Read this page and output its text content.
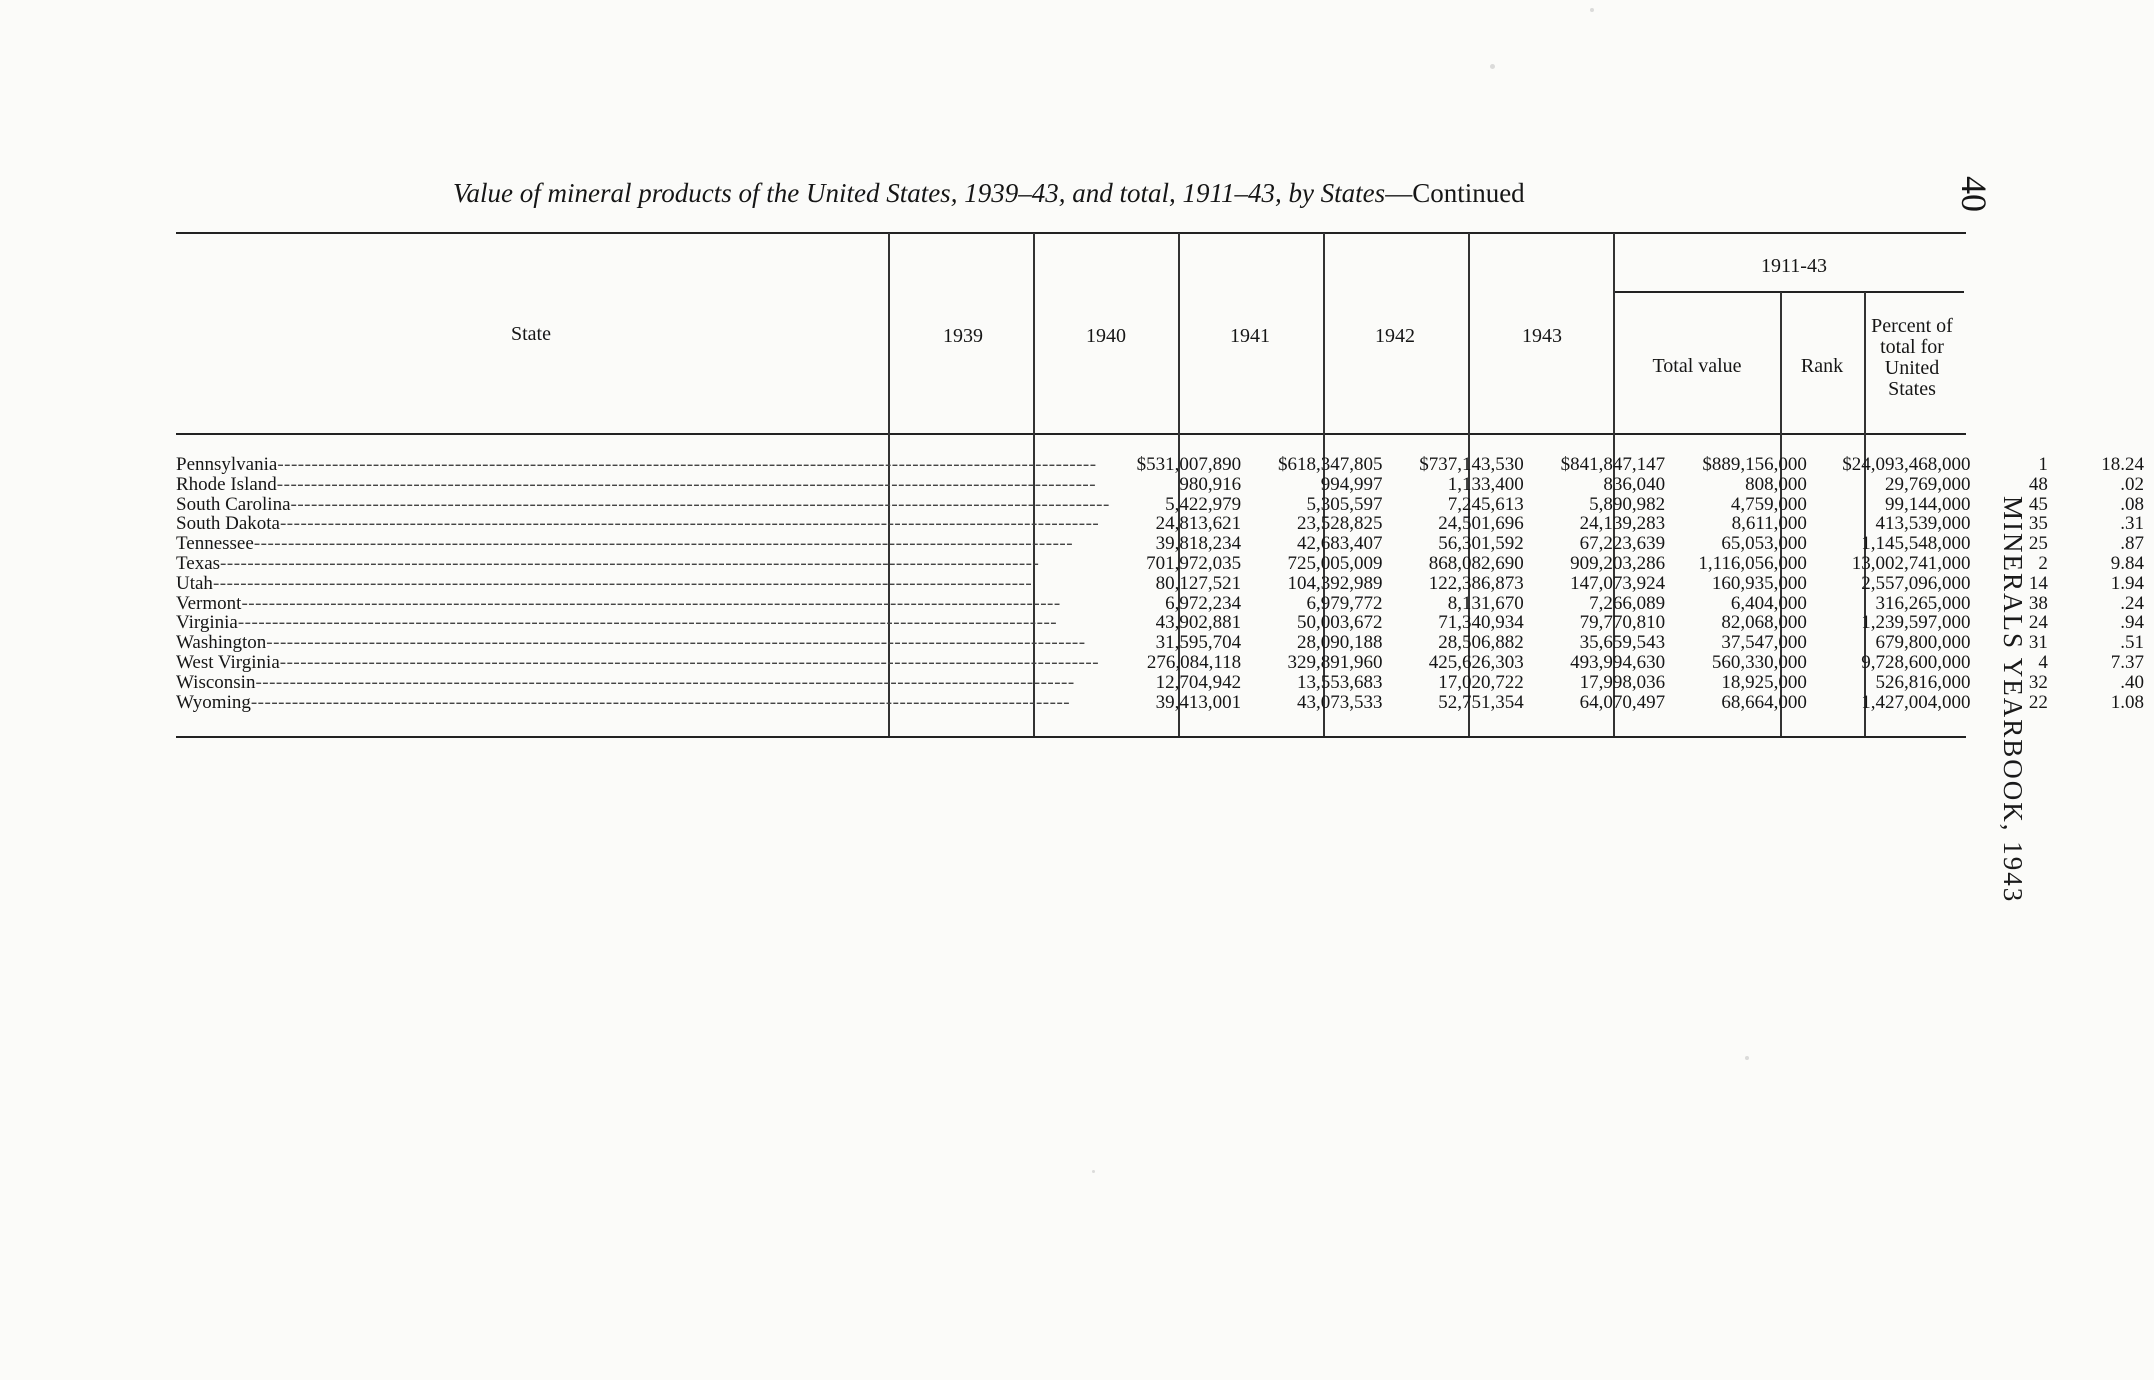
Value of mineral products of the United States, 1939–43, and total, 1911–43, by States—Continued	40
MINERALS YEARBOOK, 1943
State	1939	1940	1941	1942	1943
1911-43
Total value	Rank
Percent of total for United States
Pennsylvania------------------------------------------------------------------------------------------------------------------------	$531,007,890	$618,347,805	$737,143,530	$841,847,147	$889,156,000	$24,093,468,000	1	18.24
Rhode Island------------------------------------------------------------------------------------------------------------------------	980,916	994,997	1,133,400	836,040	808,000	29,769,000	48	.02
South Carolina------------------------------------------------------------------------------------------------------------------------	5,422,979	5,305,597	7,245,613	5,890,982	4,759,000	99,144,000	45	.08
South Dakota------------------------------------------------------------------------------------------------------------------------	24,813,621	23,528,825	24,501,696	24,139,283	8,611,000	413,539,000	35	.31
Tennessee------------------------------------------------------------------------------------------------------------------------	39,818,234	42,683,407	56,301,592	67,223,639	65,053,000	1,145,548,000	25	.87
Texas------------------------------------------------------------------------------------------------------------------------	701,972,035	725,005,009	868,082,690	909,203,286	1,116,056,000	13,002,741,000	2	9.84
Utah------------------------------------------------------------------------------------------------------------------------	80,127,521	104,392,989	122,386,873	147,073,924	160,935,000	2,557,096,000	14	1.94
Vermont------------------------------------------------------------------------------------------------------------------------	6,972,234	6,979,772	8,131,670	7,266,089	6,404,000	316,265,000	38	.24
Virginia------------------------------------------------------------------------------------------------------------------------	43,902,881	50,003,672	71,340,934	79,770,810	82,068,000	1,239,597,000	24	.94
Washington------------------------------------------------------------------------------------------------------------------------	31,595,704	28,090,188	28,506,882	35,659,543	37,547,000	679,800,000	31	.51
West Virginia------------------------------------------------------------------------------------------------------------------------	276,084,118	329,891,960	425,626,303	493,994,630	560,330,000	9,728,600,000	4	7.37
Wisconsin------------------------------------------------------------------------------------------------------------------------	12,704,942	13,553,683	17,020,722	17,998,036	18,925,000	526,816,000	32	.40
Wyoming------------------------------------------------------------------------------------------------------------------------	39,413,001	43,073,533	52,751,354	64,070,497	68,664,000	1,427,004,000	22	1.08
